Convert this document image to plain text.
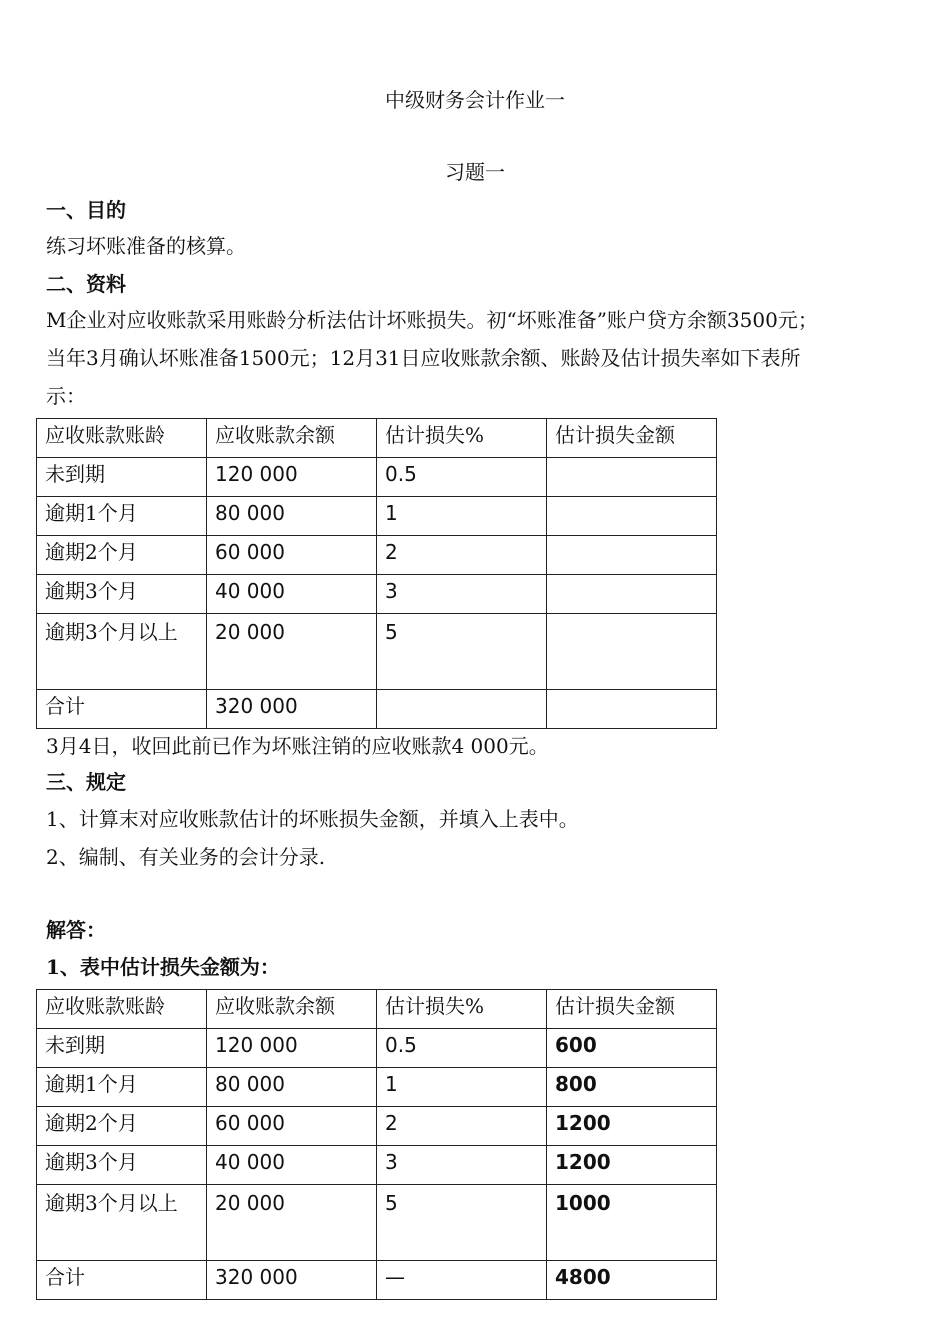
中级财务会计作业一
习题一
一、目的
练习坏账准备的核算。
二、资料
M企业对应收账款采用账龄分析法估计坏账损失。初“坏账准备”账户贷方余额3500元；
当年3月确认坏账准备1500元；12月31日应收账款余额、账龄及估计损失率如下表所
示：
应收账款账龄	应收账款余额	估计损失%	估计损失金额
未到期	120 000	0.5	
逾期1个月	80 000	1	
逾期2个月	60 000	2	
逾期3个月	40 000	3	
逾期3个月以上	20 000	5	
合计	320 000		
3月4日，收回此前已作为坏账注销的应收账款4 000元。
三、规定
1、计算末对应收账款估计的坏账损失金额，并填入上表中。
2、编制、有关业务的会计分录.
解答：
1、表中估计损失金额为：
应收账款账龄	应收账款余额	估计损失%	估计损失金额
未到期	120 000	0.5	600
逾期1个月	80 000	1	800
逾期2个月	60 000	2	1200
逾期3个月	40 000	3	1200
逾期3个月以上	20 000	5	1000
合计	320 000	—	4800
